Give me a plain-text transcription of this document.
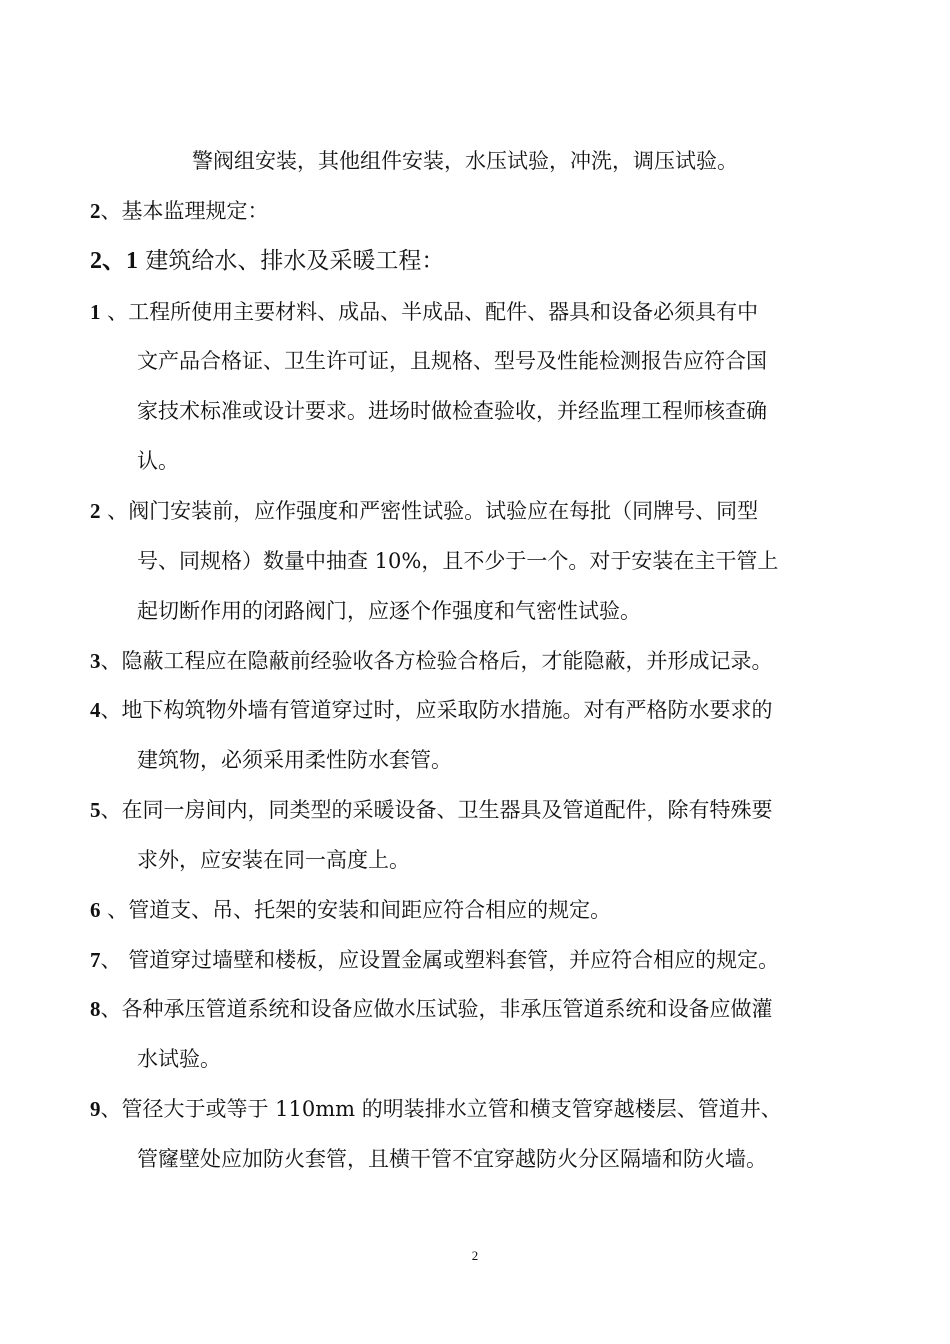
警阀组安装，其他组件安装，水压试验，冲洗，调压试验。
2、基本监理规定：
2、1 建筑给水、排水及采暖工程：
1 、工程所使用主要材料、成品、半成品、配件、器具和设备必须具有中
文产品合格证、卫生许可证，且规格、型号及性能检测报告应符合国
家技术标准或设计要求。进场时做检查验收，并经监理工程师核查确
认。
2 、阀门安装前，应作强度和严密性试验。试验应在每批（同牌号、同型
号、同规格）数量中抽查 10%，且不少于一个。对于安装在主干管上
起切断作用的闭路阀门，应逐个作强度和气密性试验。
3、隐蔽工程应在隐蔽前经验收各方检验合格后，才能隐蔽，并形成记录。
4、地下构筑物外墙有管道穿过时，应采取防水措施。对有严格防水要求的
建筑物，必须采用柔性防水套管。
5、在同一房间内，同类型的采暖设备、卫生器具及管道配件，除有特殊要
求外，应安装在同一高度上。
6 、管道支、吊、托架的安装和间距应符合相应的规定。
7、 管道穿过墙壁和楼板，应设置金属或塑料套管，并应符合相应的规定。
8、各种承压管道系统和设备应做水压试验，非承压管道系统和设备应做灌
水试验。
9、管径大于或等于 110mm 的明装排水立管和横支管穿越楼层、管道井、
管窿壁处应加防火套管，且横干管不宜穿越防火分区隔墙和防火墙。
2
